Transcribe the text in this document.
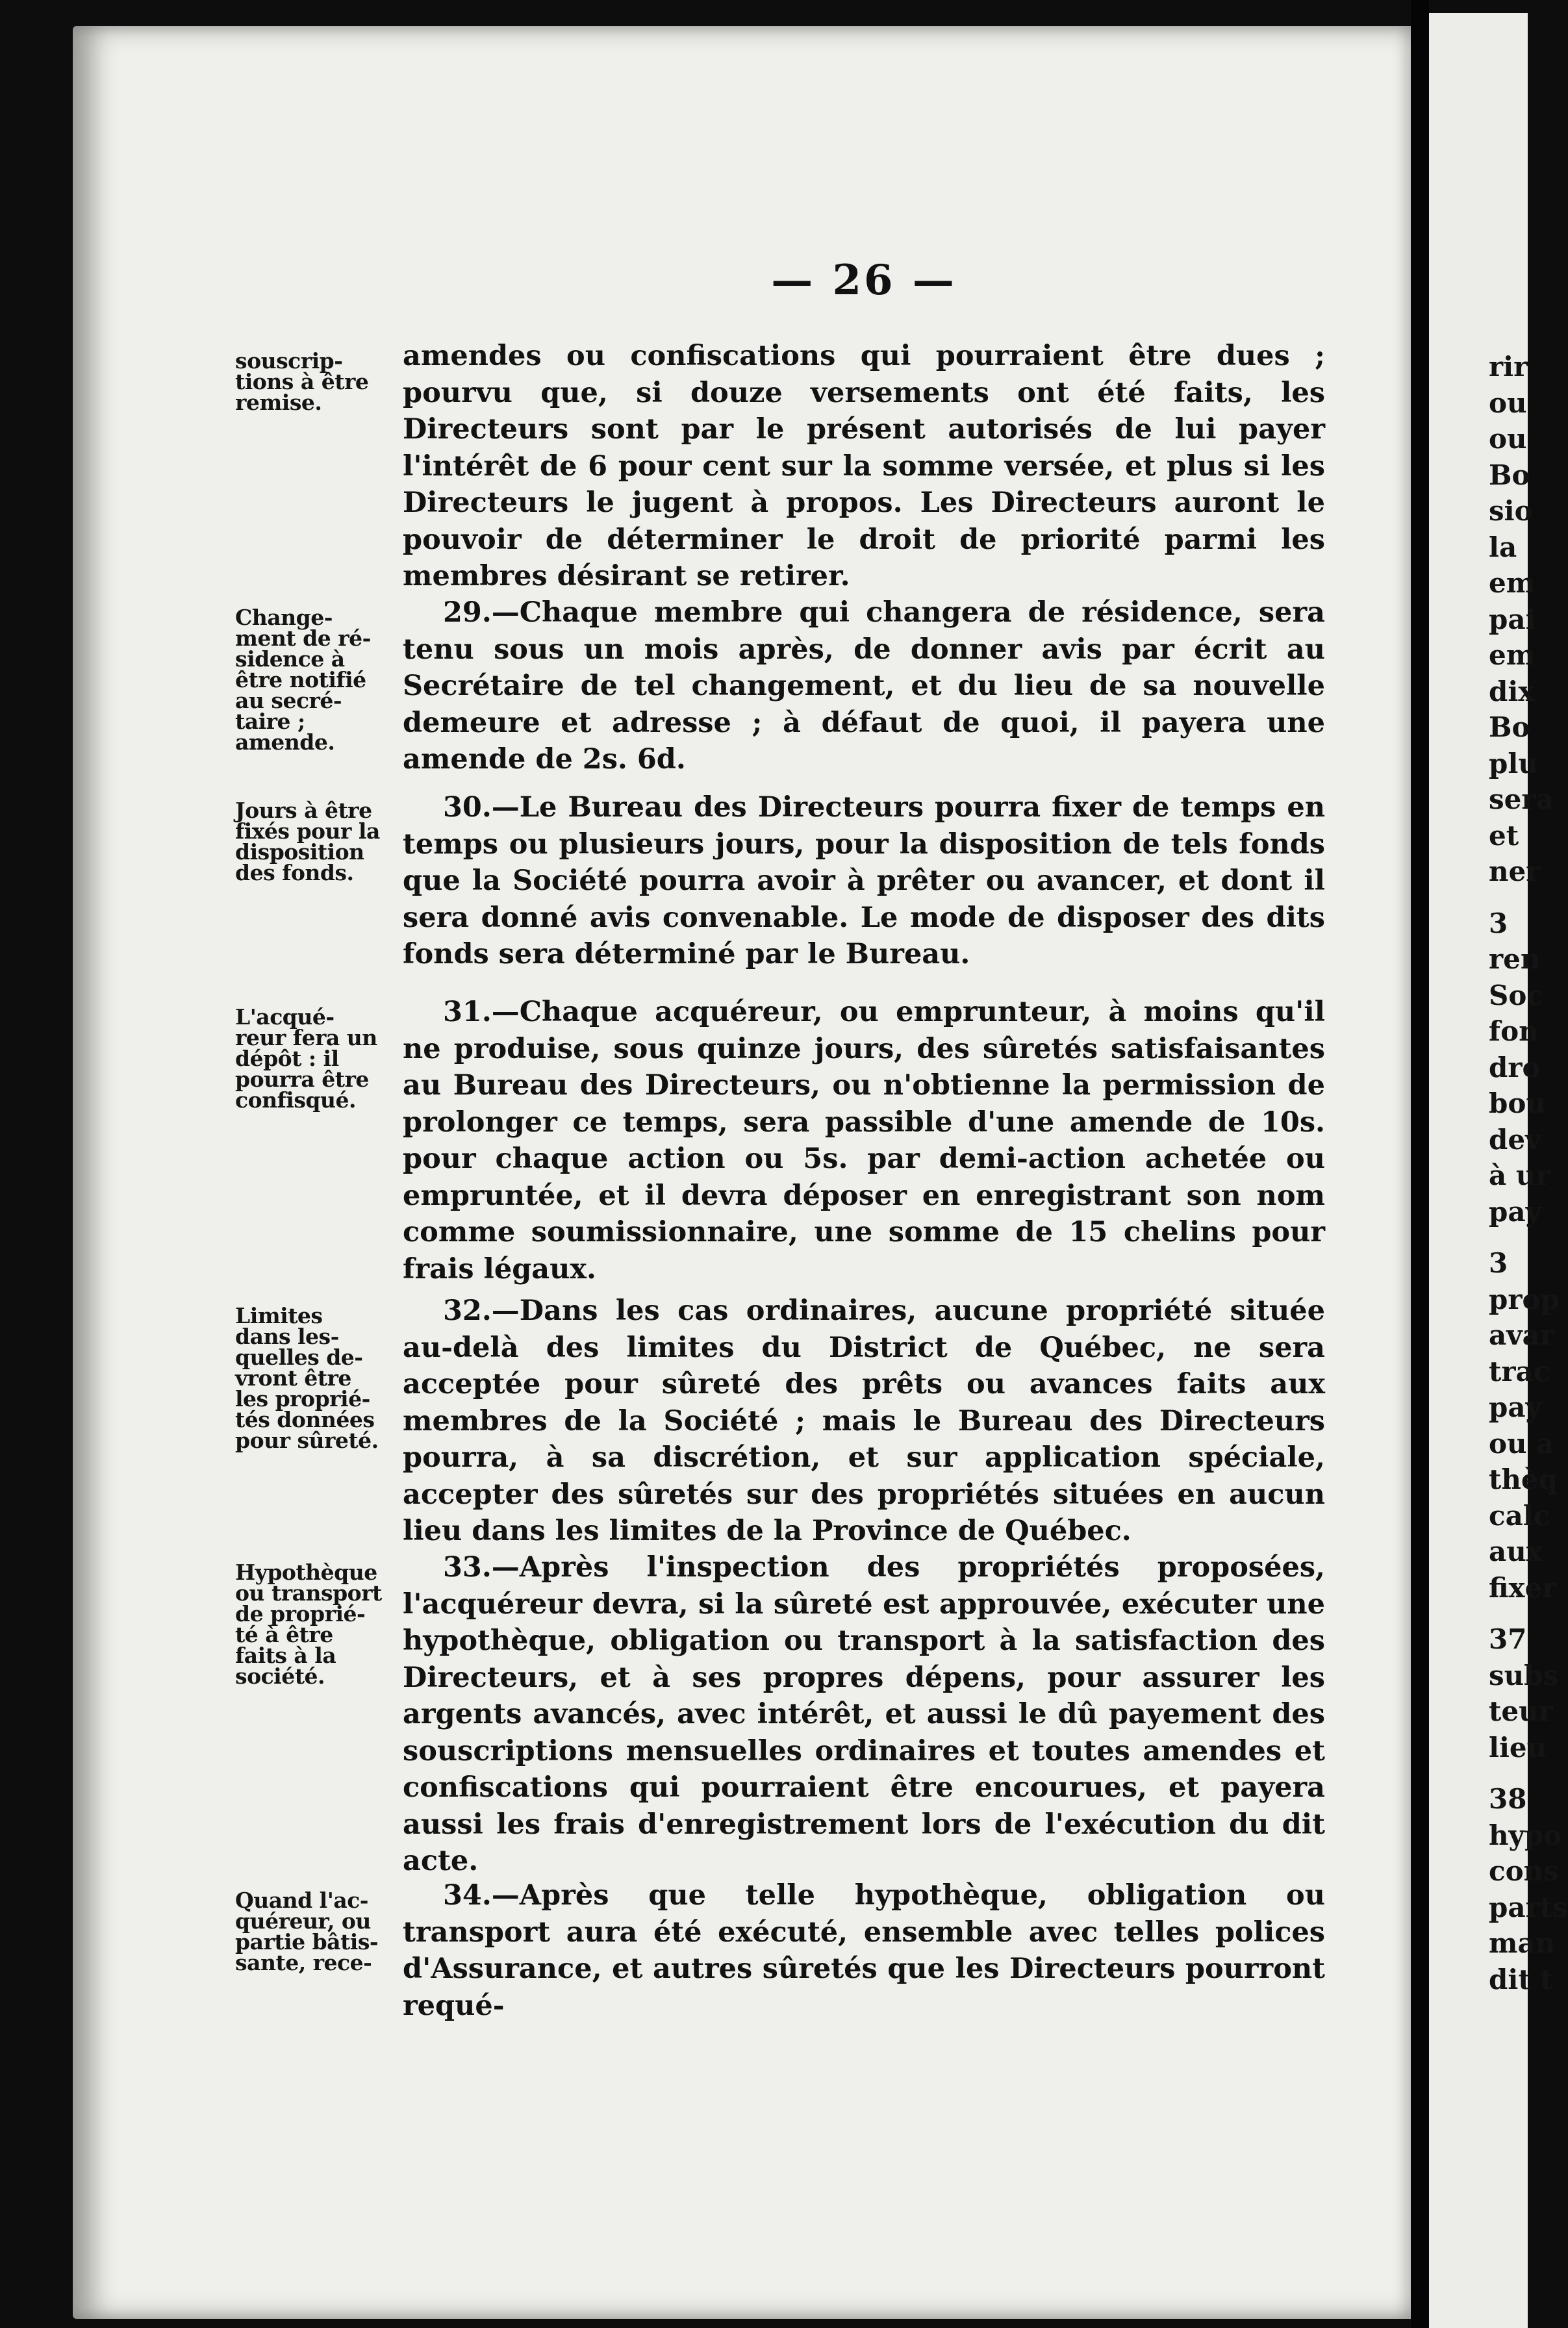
rir
ou
ou
Bo
sio
la
em
pai
em
dix
Bo
plu
sera
et
ner
3
ren
Soc
fon
dro
bou
dev
à ur
pay
3
prop
avar
trac
pay
ou a
thèq
calc
aux
fixer
37
subs
teur
lieu
38
hypo
cons
parts
man
dit t
— 26 —
souscrip-
tions à être
remise.
amendes ou confiscations qui pourraient être dues ; pourvu que, si douze versements ont été faits, les Directeurs sont par le présent autorisés de lui payer l'intérêt de 6 pour cent sur la somme versée, et plus si les Directeurs le jugent à propos. Les Directeurs auront le pouvoir de déterminer le droit de priorité parmi les membres désirant se retirer.
Change-
ment de ré-
sidence à
être notifié
au secré-
taire ;
amende.
29.—Chaque membre qui changera de résidence, sera tenu sous un mois après, de donner avis par écrit au Secrétaire de tel changement, et du lieu de sa nouvelle demeure et adresse ; à défaut de quoi, il payera une amende de 2s. 6d.
Jours à être
fixés pour la
disposition
des fonds.
30.—Le Bureau des Directeurs pourra fixer de temps en temps ou plusieurs jours, pour la disposition de tels fonds que la Société pourra avoir à prêter ou avancer, et dont il sera donné avis convenable. Le mode de disposer des dits fonds sera déterminé par le Bureau.
L'acqué-
reur fera un
dépôt : il
pourra être
confisqué.
31.—Chaque acquéreur, ou emprunteur, à moins qu'il ne produise, sous quinze jours, des sûretés satisfaisantes au Bureau des Directeurs, ou n'obtienne la permission de prolonger ce temps, sera passible d'une amende de 10s. pour chaque action ou 5s. par demi-action achetée ou empruntée, et il devra déposer en enregistrant son nom comme soumissionnaire, une somme de 15 chelins pour frais légaux.
Limites
dans les-
quelles de-
vront être
les proprié-
tés données
pour sûreté.
32.—Dans les cas ordinaires, aucune propriété située au-delà des limites du District de Québec, ne sera acceptée pour sûreté des prêts ou avances faits aux membres de la Société ; mais le Bureau des Directeurs pourra, à sa discrétion, et sur application spéciale, accepter des sûretés sur des propriétés situées en aucun lieu dans les limites de la Province de Québec.
Hypothèque
ou transport
de proprié-
té à être
faits à la
société.
33.—Après l'inspection des propriétés proposées, l'acquéreur devra, si la sûreté est approuvée, exécuter une hypothèque, obligation ou transport à la satisfaction des Directeurs, et à ses propres dépens, pour assurer les argents avancés, avec intérêt, et aussi le dû payement des souscriptions mensuelles ordinaires et toutes amendes et confiscations qui pourraient être encourues, et payera aussi les frais d'enregistrement lors de l'exécution du dit acte.
Quand l'ac-
quéreur, ou
partie bâtis-
sante, rece-
34.—Après que telle hypothèque, obligation ou transport aura été exécuté, ensemble avec telles polices d'Assurance, et autres sûretés que les Directeurs pourront requé-
